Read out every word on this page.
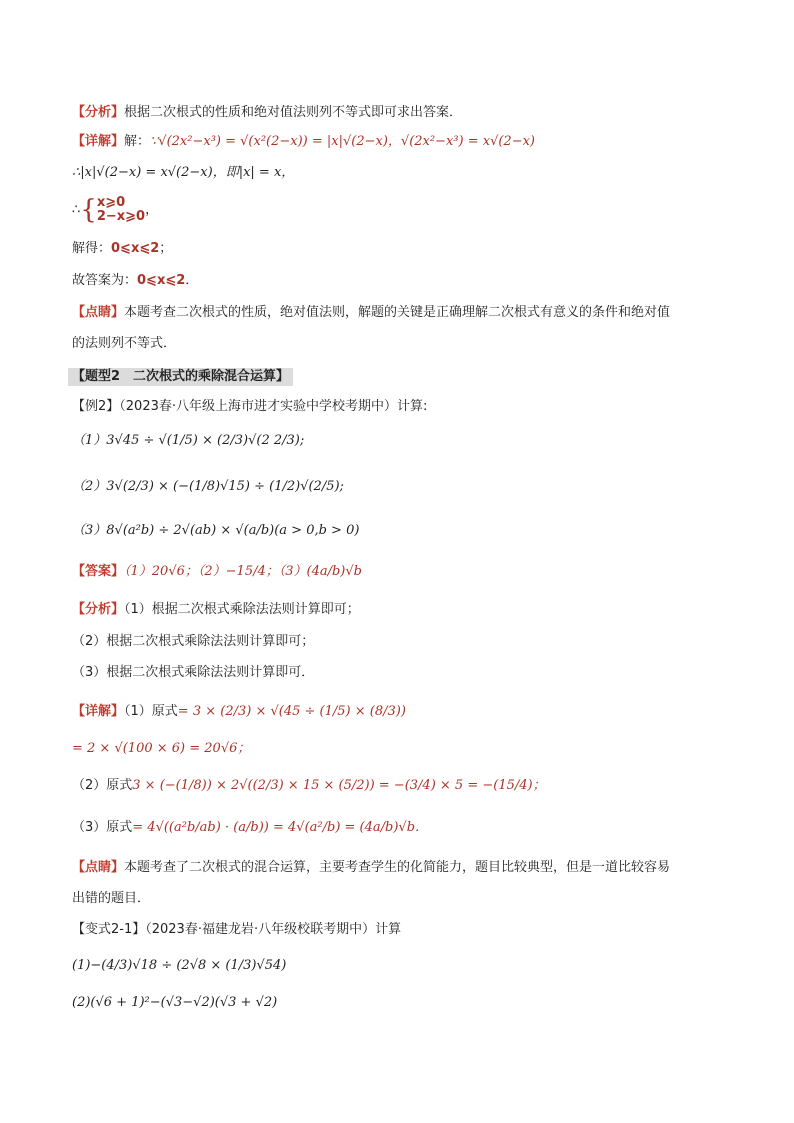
【分析】根据二次根式的性质和绝对值法则列不等式即可求出答案．
【详解】解：∵√(2x²−x³) = √(x²(2−x)) = |x|√(2−x)，√(2x²−x³) = x√(2−x)
∴|x|√(2−x) = x√(2−x)，即|x| = x，
∴{ x⩾0
2−x⩾0 ，
解得：0⩽x⩽2；
故答案为：0⩽x⩽2．
【点睛】本题考查二次根式的性质，绝对值法则，解题的关键是正确理解二次根式有意义的条件和绝对值
的法则列不等式．
【题型2　二次根式的乘除混合运算】
【例2】（2023春·八年级上海市进才实验中学校考期中）计算:
（1）3√45 ÷ √(1/5) × (2/3)√(2 2/3);
（2）3√(2/3) × (−(1/8)√15) ÷ (1/2)√(2/5);
（3）8√(a²b) ÷ 2√(ab) × √(a/b)(a > 0,b > 0)
【答案】（1）20√6；（2）−15/4；（3）(4a/b)√b
【分析】（1）根据二次根式乘除法法则计算即可；
（2）根据二次根式乘除法法则计算即可；
（3）根据二次根式乘除法法则计算即可．
【详解】（1）原式= 3 × (2/3) × √(45 ÷ (1/5) × (8/3))
= 2 × √(100 × 6) = 20√6；
（2）原式3 × (−(1/8)) × 2√((2/3) × 15 × (5/2)) = −(3/4) × 5 = −(15/4)；
（3）原式= 4√((a²b/ab) · (a/b)) = 4√(a²/b) = (4a/b)√b．
【点睛】本题考查了二次根式的混合运算，主要考查学生的化简能力，题目比较典型，但是一道比较容易
出错的题目．
【变式2-1】（2023春·福建龙岩·八年级校联考期中）计算
(1)−(4/3)√18 ÷ (2√8 × (1/3)√54)
(2)(√6 + 1)²−(√3−√2)(√3 + √2)
